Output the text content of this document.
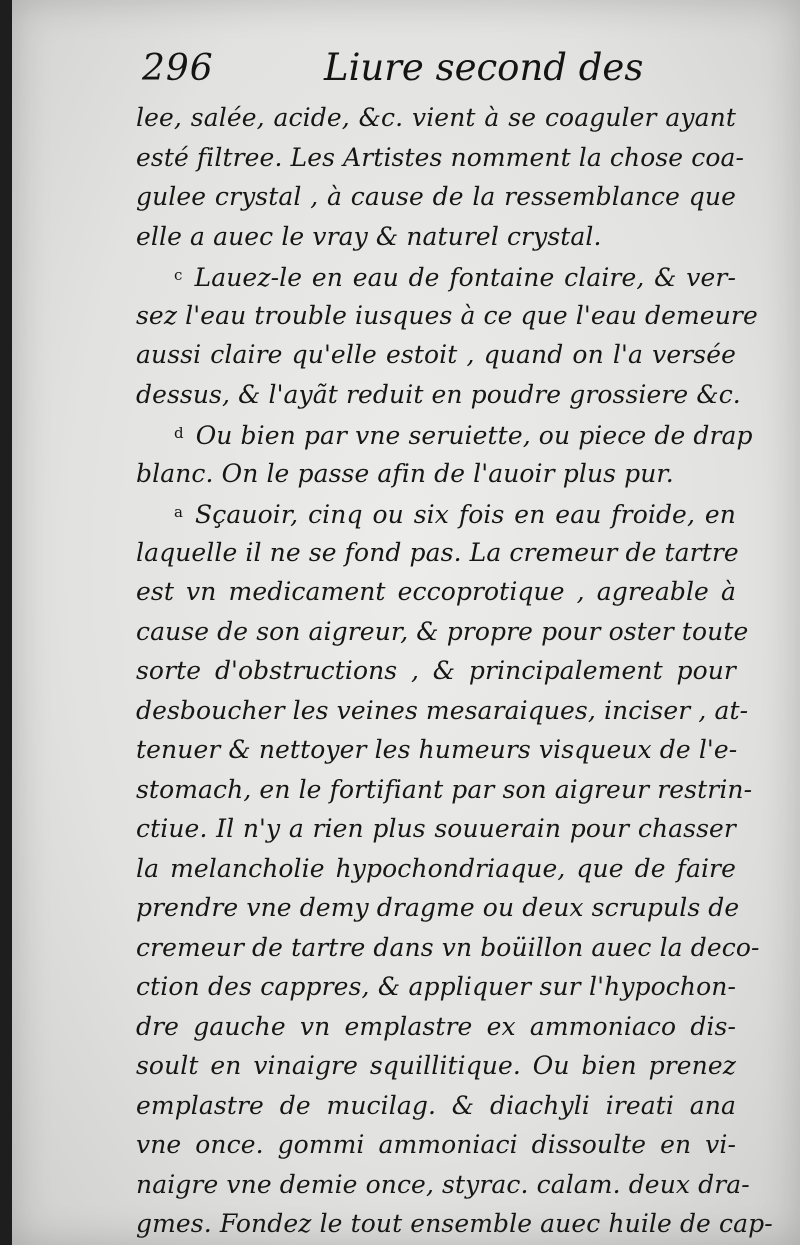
296	Liure second des
lee, salée, acide, &c. vient à se coaguler ayant
esté filtree. Les Artistes nomment la chose coa-
gulee crystal , à cause de la ressemblance que
elle a auec le vray & naturel crystal.
$^c$ Lauez-le en eau de fontaine claire, & ver-
sez l'eau trouble iusques à ce que l'eau demeure
aussi claire qu'elle estoit , quand on l'a versée
dessus, & l'ayãt reduit en poudre grossiere &c.
$^d$ Ou bien par vne seruiette, ou piece de drap
blanc. On le passe afin de l'auoir plus pur.
$^a$ Sçauoir, cinq ou six fois en eau froide, en
laquelle il ne se fond pas. La cremeur de tartre
est vn medicament eccoprotique , agreable à
cause de son aigreur, & propre pour oster toute
sorte d'obstructions , & principalement pour
desboucher les veines mesaraiques, inciser , at-
tenuer & nettoyer les humeurs visqueux de l'e-
stomach, en le fortifiant par son aigreur restrin-
ctiue. Il n'y a rien plus souuerain pour chasser
la melancholie hypochondriaque, que de faire
prendre vne demy dragme ou deux scrupuls de
cremeur de tartre dans vn boüillon auec la deco-
ction des cappres, & appliquer sur l'hypochon-
dre gauche vn emplastre ex ammoniaco dis-
soult en vinaigre squillitique. Ou bien prenez
emplastre de mucilag. & diachyli ireati ana
vne once. gommi ammoniaci dissoulte en vi-
naigre vne demie once, styrac. calam. deux dra-
gmes. Fondez le tout ensemble auec huile de cap-
